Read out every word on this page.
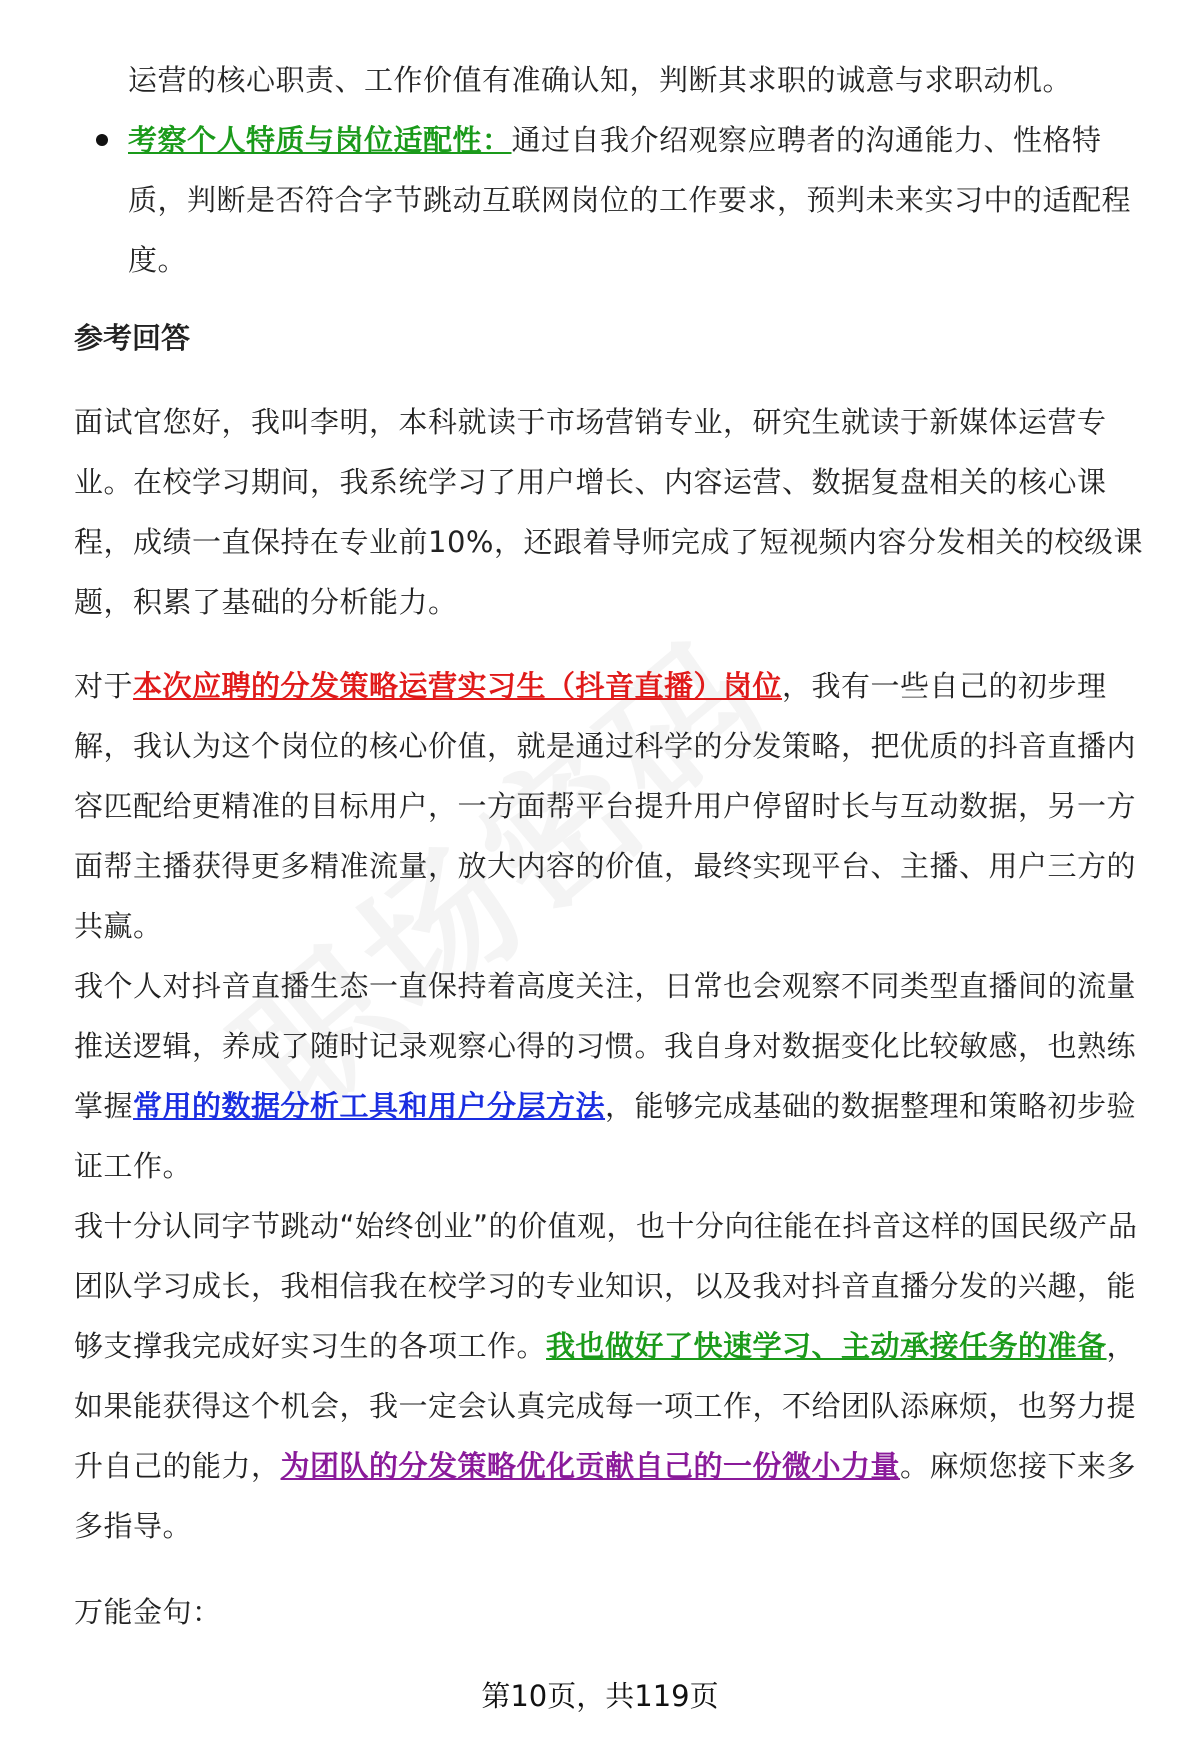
运营的核心职责、工作价值有准确认知，判断其求职的诚意与求职动机。

考察个人特质与岗位适配性：通过自我介绍观察应聘者的沟通能力、性格特质，判断是否符合字节跳动互联网岗位的工作要求，预判未来实习中的适配程度。

参考回答

面试官您好，我叫李明，本科就读于市场营销专业，研究生就读于新媒体运营专业。在校学习期间，我系统学习了用户增长、内容运营、数据复盘相关的核心课程，成绩一直保持在专业前10%，还跟着导师完成了短视频内容分发相关的校级课题，积累了基础的分析能力。

对于本次应聘的分发策略运营实习生（抖音直播）岗位，我有一些自己的初步理解，我认为这个岗位的核心价值，就是通过科学的分发策略，把优质的抖音直播内容匹配给更精准的目标用户，一方面帮平台提升用户停留时长与互动数据，另一方面帮主播获得更多精准流量，放大内容的价值，最终实现平台、主播、用户三方的共赢。

我个人对抖音直播生态一直保持着高度关注，日常也会观察不同类型直播间的流量推送逻辑，养成了随时记录观察心得的习惯。我自身对数据变化比较敏感，也熟练掌握常用的数据分析工具和用户分层方法，能够完成基础的数据整理和策略初步验证工作。

我十分认同字节跳动“始终创业”的价值观，也十分向往能在抖音这样的国民级产品团队学习成长，我相信我在校学习的专业知识，以及我对抖音直播分发的兴趣，能够支撑我完成好实习生的各项工作。我也做好了快速学习、主动承接任务的准备，如果能获得这个机会，我一定会认真完成每一项工作，不给团队添麻烦，也努力提升自己的能力，为团队的分发策略优化贡献自己的一份微小力量。麻烦您接下来多多指导。

万能金句：

第10页，共119页
